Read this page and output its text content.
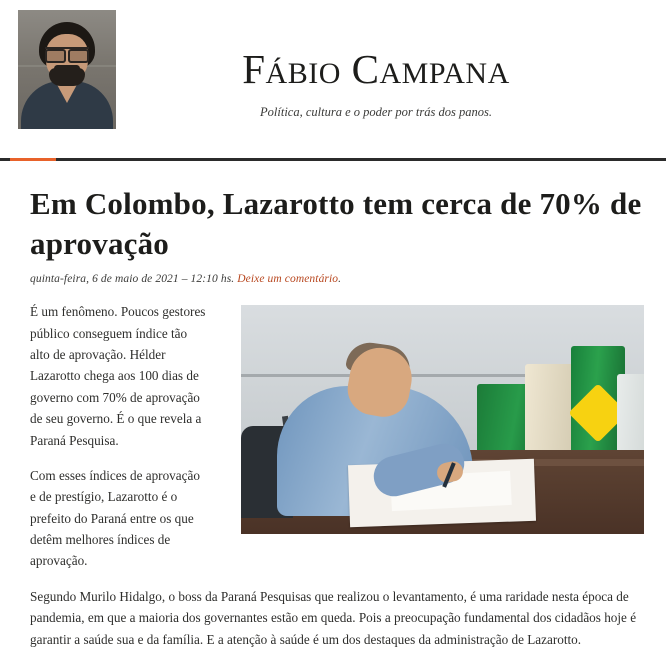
FÁBIO CAMPANA
Política, cultura e o poder por trás dos panos.
Em Colombo, Lazarotto tem cerca de 70% de aprovação
quinta-feira, 6 de maio de 2021 – 12:10 hs. Deixe um comentário.

É um fenômeno. Poucos gestores público conseguem índice tão alto de aprovação. Hélder Lazarotto chega aos 100 dias de governo com 70% de aprovação de seu governo. É o que revela a Paraná Pesquisa.

Com esses índices de aprovação e de prestígio, Lazarotto é o prefeito do Paraná entre os que detêm melhores índices de aprovação.

Segundo Murilo Hidalgo, o boss da Paraná Pesquisas que realizou o levantamento, é uma raridade nesta época de pandemia, em que a maioria dos governantes estão em queda. Pois a preocupação fundamental dos cidadãos hoje é garantir a saúde sua e da família. E a atenção à saúde é um dos destaques da administração de Lazarotto.
